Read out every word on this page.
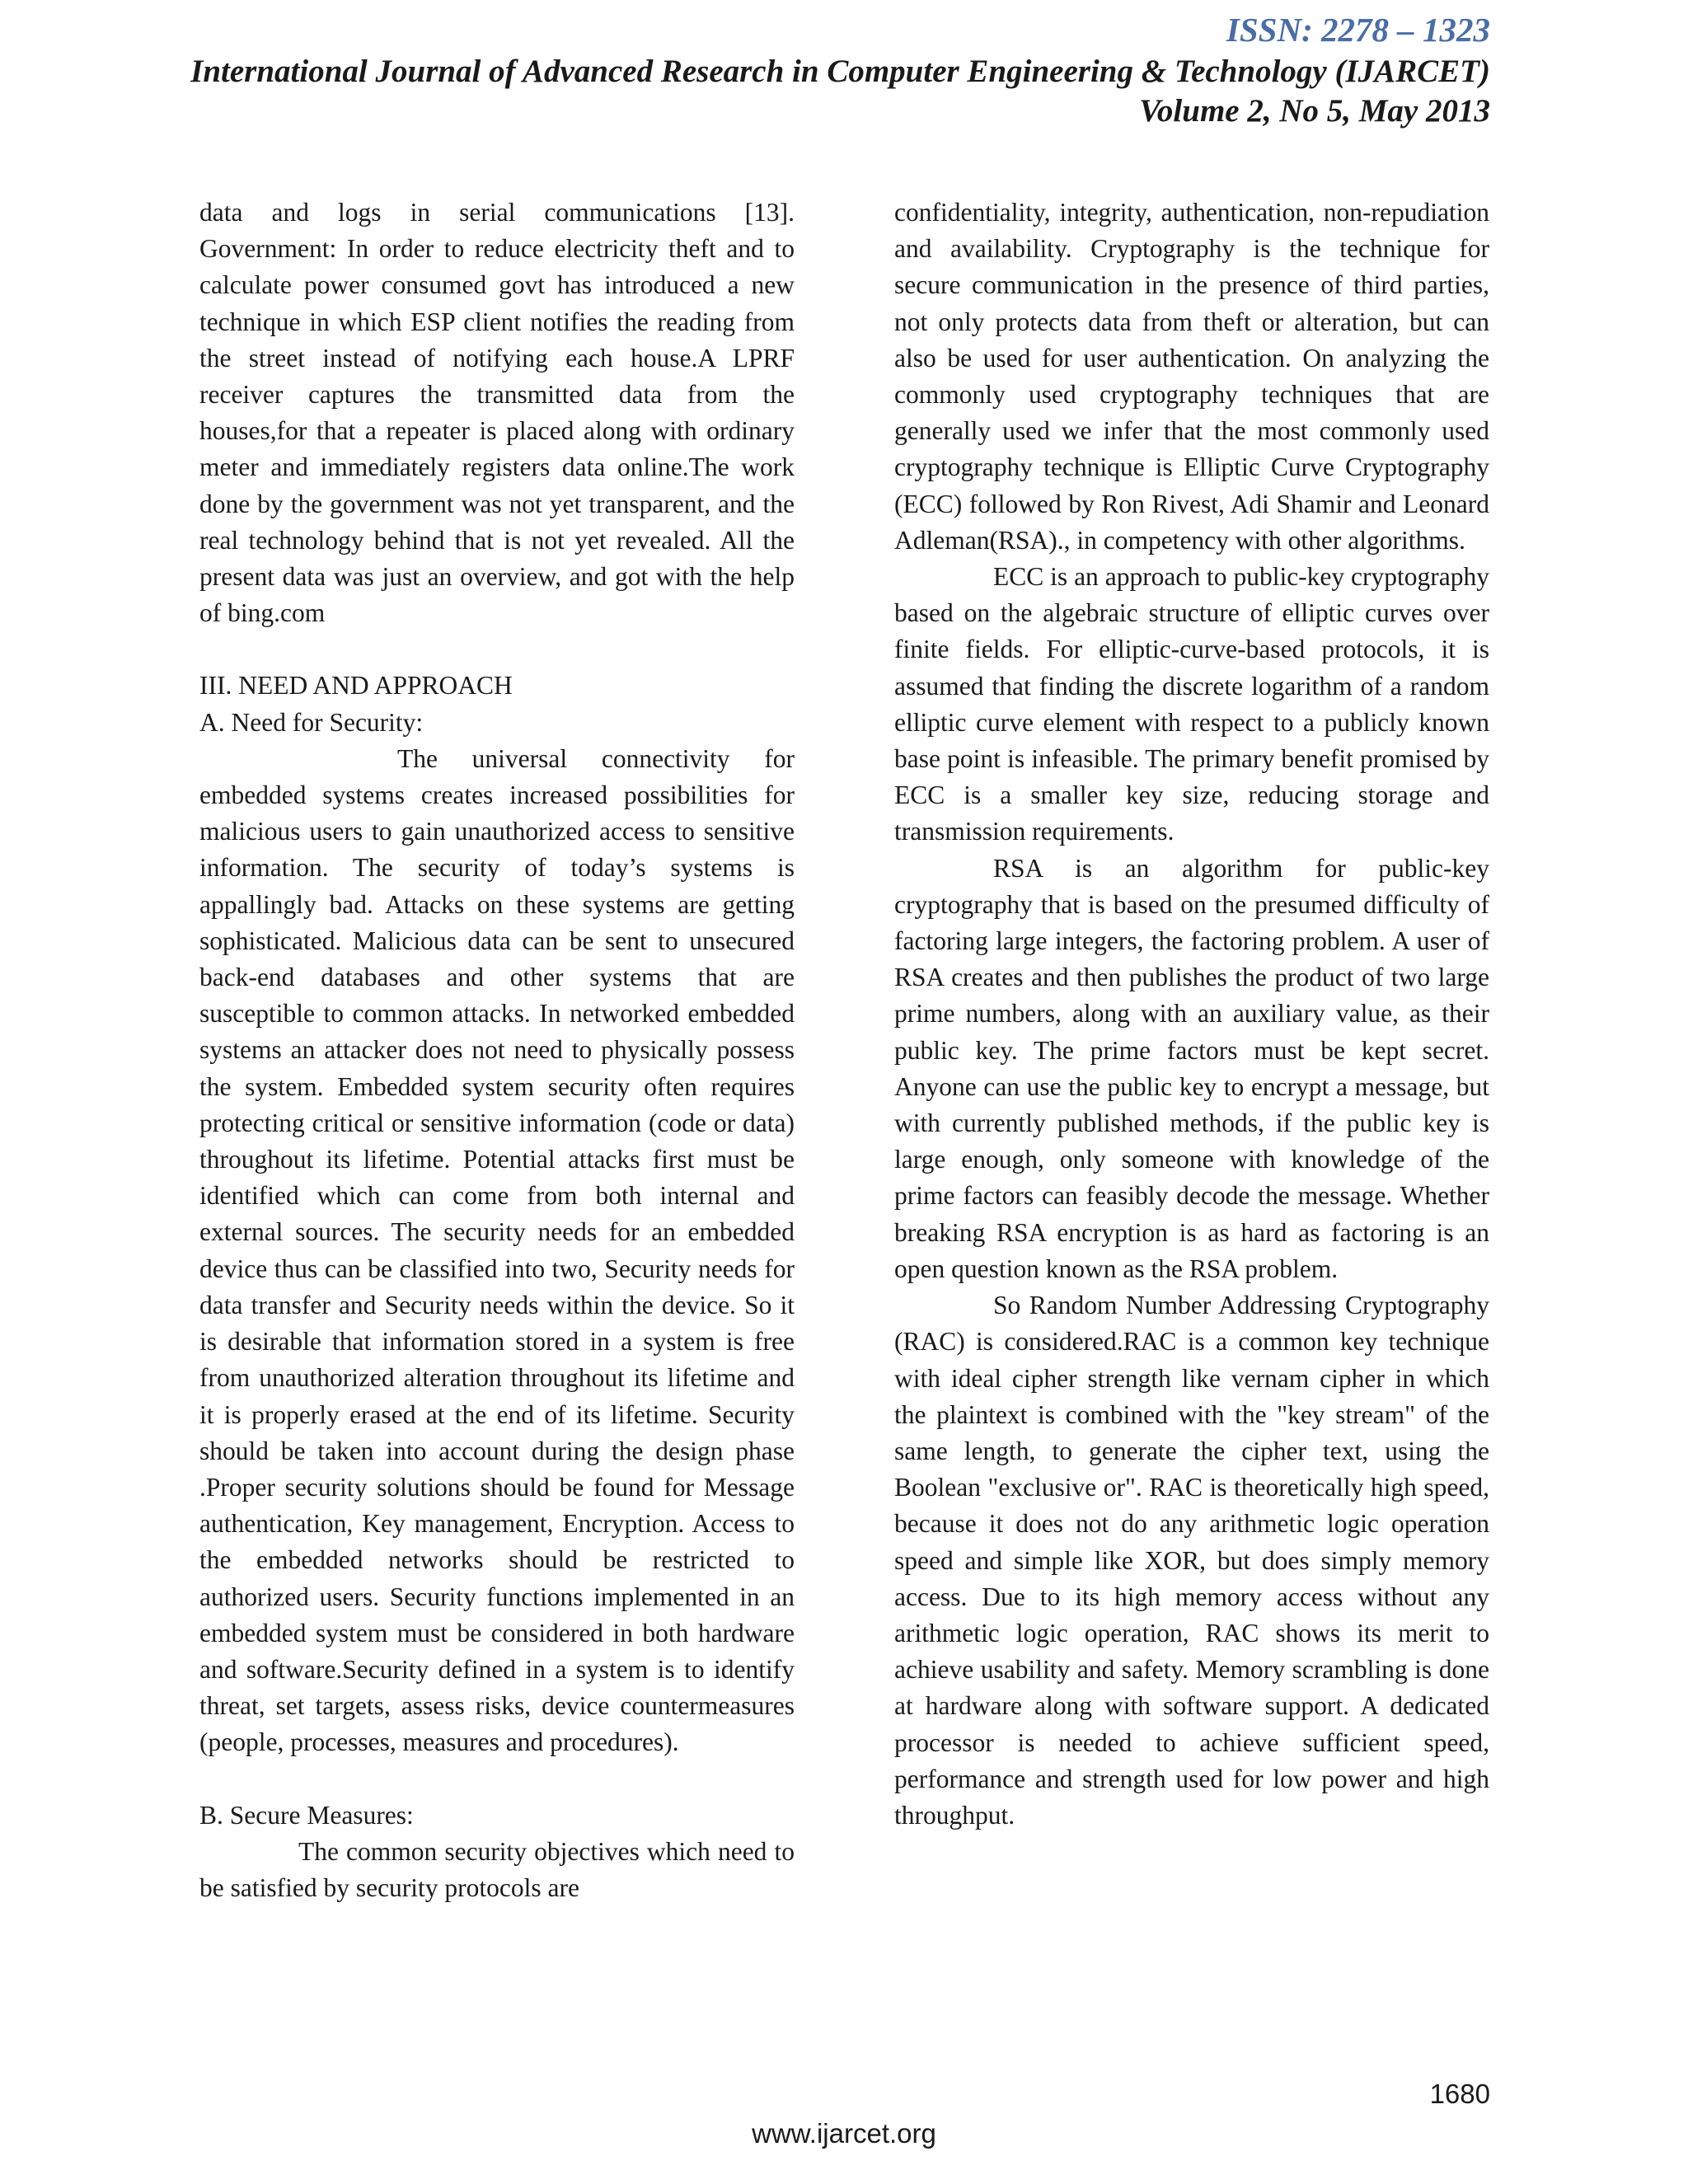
ISSN: 2278 – 1323
International Journal of Advanced Research in Computer Engineering & Technology (IJARCET)
Volume 2, No 5, May 2013

data and logs in serial communications [13]. Government: In order to reduce electricity theft and to calculate power consumed govt has introduced a new technique in which ESP client notifies the reading from the street instead of notifying each house.A LPRF receiver captures the transmitted data from the houses,for that a repeater is placed along with ordinary meter and immediately registers data online.The work done by the government was not yet transparent, and the real technology behind that is not yet revealed. All the present data was just an overview, and got with the help of bing.com

III. NEED AND APPROACH

A. Need for Security:

The universal connectivity for embedded systems creates increased possibilities for malicious users to gain unauthorized access to sensitive information. The security of today’s systems is appallingly bad. Attacks on these systems are getting sophisticated. Malicious data can be sent to unsecured back-end databases and other systems that are susceptible to common attacks. In networked embedded systems an attacker does not need to physically possess the system. Embedded system security often requires protecting critical or sensitive information (code or data) throughout its lifetime. Potential attacks first must be identified which can come from both internal and external sources. The security needs for an embedded device thus can be classified into two, Security needs for data transfer and Security needs within the device. So it is desirable that information stored in a system is free from unauthorized alteration throughout its lifetime and it is properly erased at the end of its lifetime. Security should be taken into account during the design phase .Proper security solutions should be found for Message authentication, Key management, Encryption. Access to the embedded networks should be restricted to authorized users. Security functions implemented in an embedded system must be considered in both hardware and software.Security defined in a system is to identify threat, set targets, assess risks, device countermeasures (people, processes, measures and procedures).

B. Secure Measures:

The common security objectives which need to be satisfied by security protocols are

confidentiality, integrity, authentication, non-repudiation and availability. Cryptography is the technique for secure communication in the presence of third parties, not only protects data from theft or alteration, but can also be used for user authentication. On analyzing the commonly used cryptography techniques that are generally used we infer that the most commonly used cryptography technique is Elliptic Curve Cryptography (ECC) followed by Ron Rivest, Adi Shamir and Leonard Adleman(RSA)., in competency with other algorithms.

ECC is an approach to public-key cryptography based on the algebraic structure of elliptic curves over finite fields. For elliptic-curve-based protocols, it is assumed that finding the discrete logarithm of a random elliptic curve element with respect to a publicly known base point is infeasible. The primary benefit promised by ECC is a smaller key size, reducing storage and transmission requirements.

RSA is an algorithm for public-key cryptography that is based on the presumed difficulty of factoring large integers, the factoring problem. A user of RSA creates and then publishes the product of two large prime numbers, along with an auxiliary value, as their public key. The prime factors must be kept secret. Anyone can use the public key to encrypt a message, but with currently published methods, if the public key is large enough, only someone with knowledge of the prime factors can feasibly decode the message. Whether breaking RSA encryption is as hard as factoring is an open question known as the RSA problem.

So Random Number Addressing Cryptography (RAC) is considered.RAC is a common key technique with ideal cipher strength like vernam cipher in which the plaintext is combined with the "key stream" of the same length, to generate the cipher text, using the Boolean "exclusive or". RAC is theoretically high speed, because it does not do any arithmetic logic operation speed and simple like XOR, but does simply memory access. Due to its high memory access without any arithmetic logic operation, RAC shows its merit to achieve usability and safety. Memory scrambling is done at hardware along with software support. A dedicated processor is needed to achieve sufficient speed, performance and strength used for low power and high throughput.

1680
www.ijarcet.org
